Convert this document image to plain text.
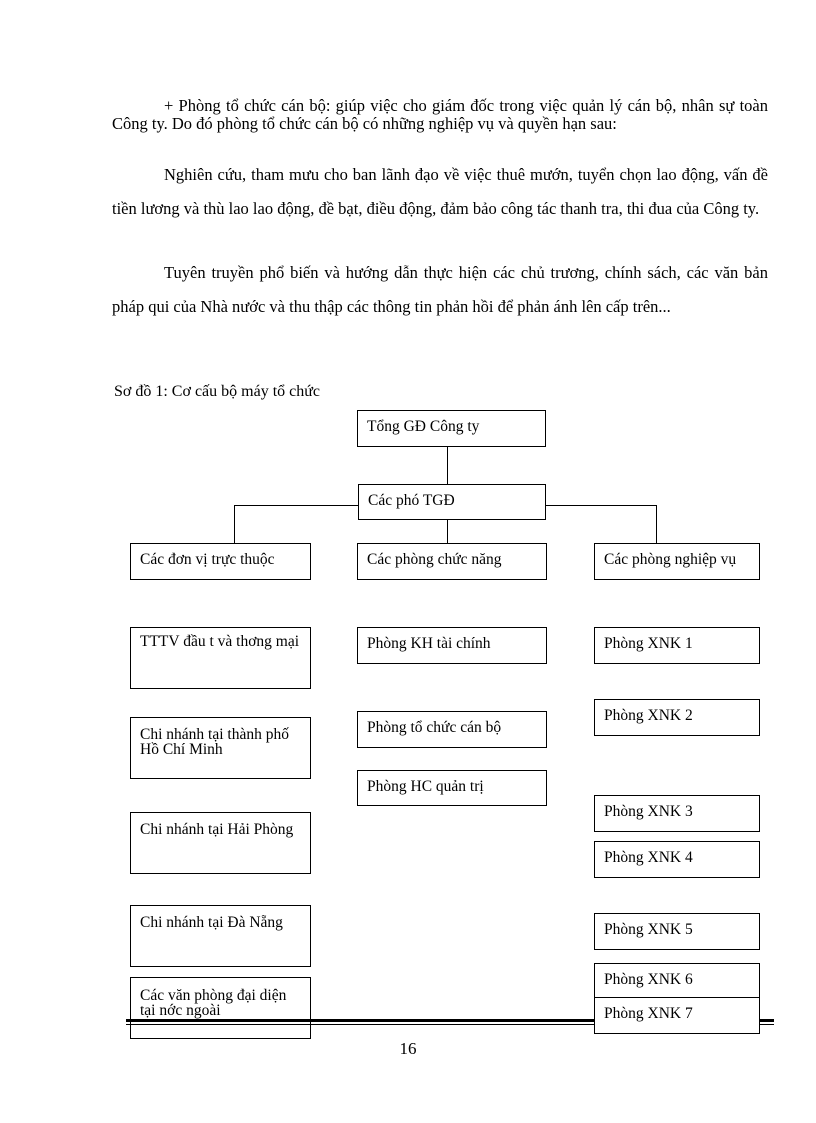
+ Phòng tổ chức cán bộ: giúp việc cho giám đốc trong việc quản lý cán bộ, nhân sự toàn Công ty. Do đó phòng tổ chức cán bộ có những nghiệp vụ và quyền hạn sau:

Nghiên cứu, tham mưu cho ban lãnh đạo về việc thuê mướn, tuyển chọn lao động, vấn đề tiền lương và thù lao lao động, đề bạt, điều động, đảm bảo công tác thanh tra, thi đua của Công ty.

Tuyên truyền phổ biến và hướng dẫn thực hiện các chủ trương, chính sách, các văn bản pháp qui của Nhà nước và thu thập các thông tin phản hồi để phản ánh lên cấp trên...

Sơ đồ 1: Cơ cấu bộ máy tổ chức

Tổng GĐ Công ty
Các phó TGĐ
Các đơn vị trực thuộc	Các phòng chức năng	Các phòng nghiệp vụ
TTTV đầu t và thơng mại
Chi nhánh tại thành phố Hồ Chí Minh
Chi nhánh tại Hải Phòng
Chi nhánh tại Đà Nẵng
Các văn phòng đại diện tại nớc ngoài
Phòng KH tài chính
Phòng tổ chức cán bộ
Phòng HC quản trị
Phòng XNK 1
Phòng XNK 2
Phòng XNK 3
Phòng XNK 4
Phòng XNK 5
Phòng XNK 6
Phòng XNK 7
16
